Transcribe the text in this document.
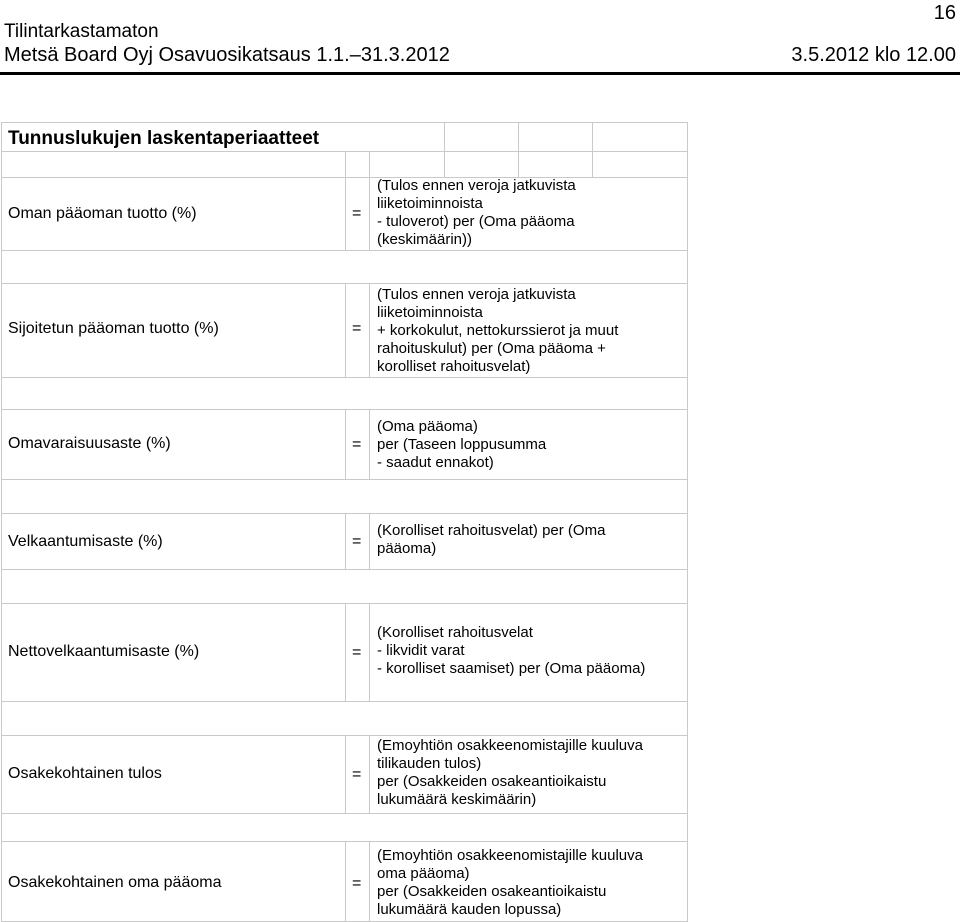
16
Tilintarkastamaton
Metsä Board Oyj Osavuosikatsaus 1.1.–31.3.2012	3.5.2012 klo 12.00
Tunnuslukujen laskentaperiaatteet
Oman pääoman tuotto (%)	=
(Tulos ennen veroja jatkuvista
liiketoiminnoista
- tuloverot) per (Oma pääoma
(keskimäärin))
Sijoitetun pääoman tuotto (%)	=
(Tulos ennen veroja jatkuvista
liiketoiminnoista
+ korkokulut, nettokurssierot ja muut
rahoituskulut) per (Oma pääoma +
korolliset rahoitusvelat)
Omavaraisuusaste (%)	=
(Oma pääoma)
per (Taseen loppusumma
- saadut ennakot)
Velkaantumisaste (%)	=
(Korolliset rahoitusvelat) per (Oma
pääoma)
Nettovelkaantumisaste (%)	=
(Korolliset rahoitusvelat
- likvidit varat
- korolliset saamiset) per (Oma pääoma)
Osakekohtainen tulos	=
(Emoyhtiön osakkeenomistajille kuuluva
tilikauden tulos)
per (Osakkeiden osakeantioikaistu
lukumäärä keskimäärin)
Osakekohtainen oma pääoma	=
(Emoyhtiön osakkeenomistajille kuuluva
oma pääoma)
per (Osakkeiden osakeantioikaistu
lukumäärä kauden lopussa)
